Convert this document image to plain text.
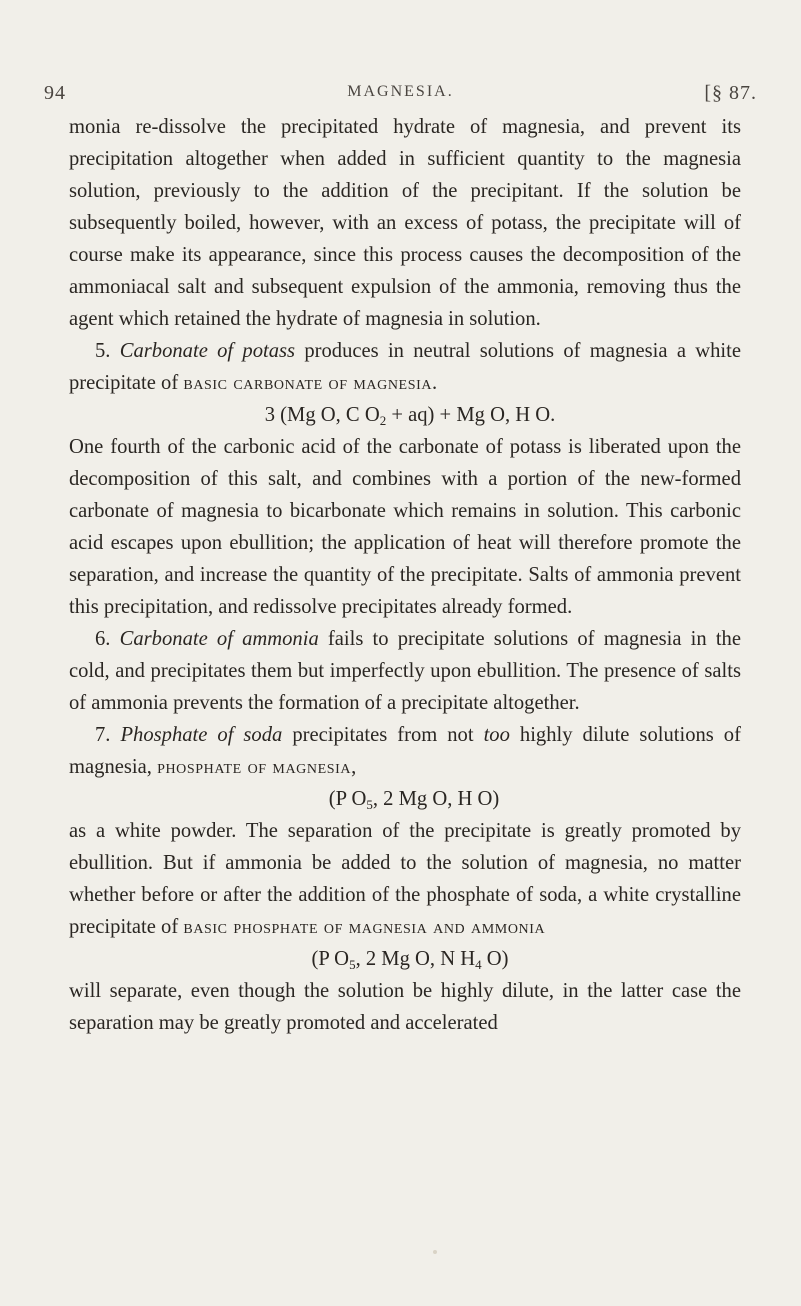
94	MAGNESIA.	[§ 87.

monia re-dissolve the precipitated hydrate of magnesia, and prevent its precipitation altogether when added in sufficient quantity to the magnesia solution, previously to the addition of the precipitant. If the solution be subsequently boiled, however, with an excess of potass, the precipitate will of course make its appearance, since this process causes the decomposition of the ammoniacal salt and subsequent expulsion of the ammonia, removing thus the agent which retained the hydrate of magnesia in solution.

5. Carbonate of potass produces in neutral solutions of magnesia a white precipitate of basic carbonate of magnesia.

3 (Mg O, C $O_2 + aq) + Mg$ O, H O.

One fourth of the carbonic acid of the carbonate of potass is liberated upon the decomposition of this salt, and combines with a portion of the new-formed carbonate of magnesia to bicarbonate which remains in solution. This carbonic acid escapes upon ebullition; the application of heat will therefore promote the separation, and increase the quantity of the precipitate. Salts of ammonia prevent this precipitation, and redissolve precipitates already formed.

6. Carbonate of ammonia fails to precipitate solutions of magnesia in the cold, and precipitates them but imperfectly upon ebullition. The presence of salts of ammonia prevents the formation of a precipitate altogether.

7. Phosphate of soda precipitates from not too highly dilute solutions of magnesia, phosphate of magnesia,

(P $O_5$, 2 Mg O, H O)

as a white powder. The separation of the precipitate is greatly promoted by ebullition. But if ammonia be added to the solution of magnesia, no matter whether before or after the addition of the phosphate of soda, a white crystalline precipitate of basic phosphate of magnesia and ammonia

(P $O_5$, 2 Mg O, N $H_4$ O)

will separate, even though the solution be highly dilute, in the latter case the separation may be greatly promoted and accelerated
